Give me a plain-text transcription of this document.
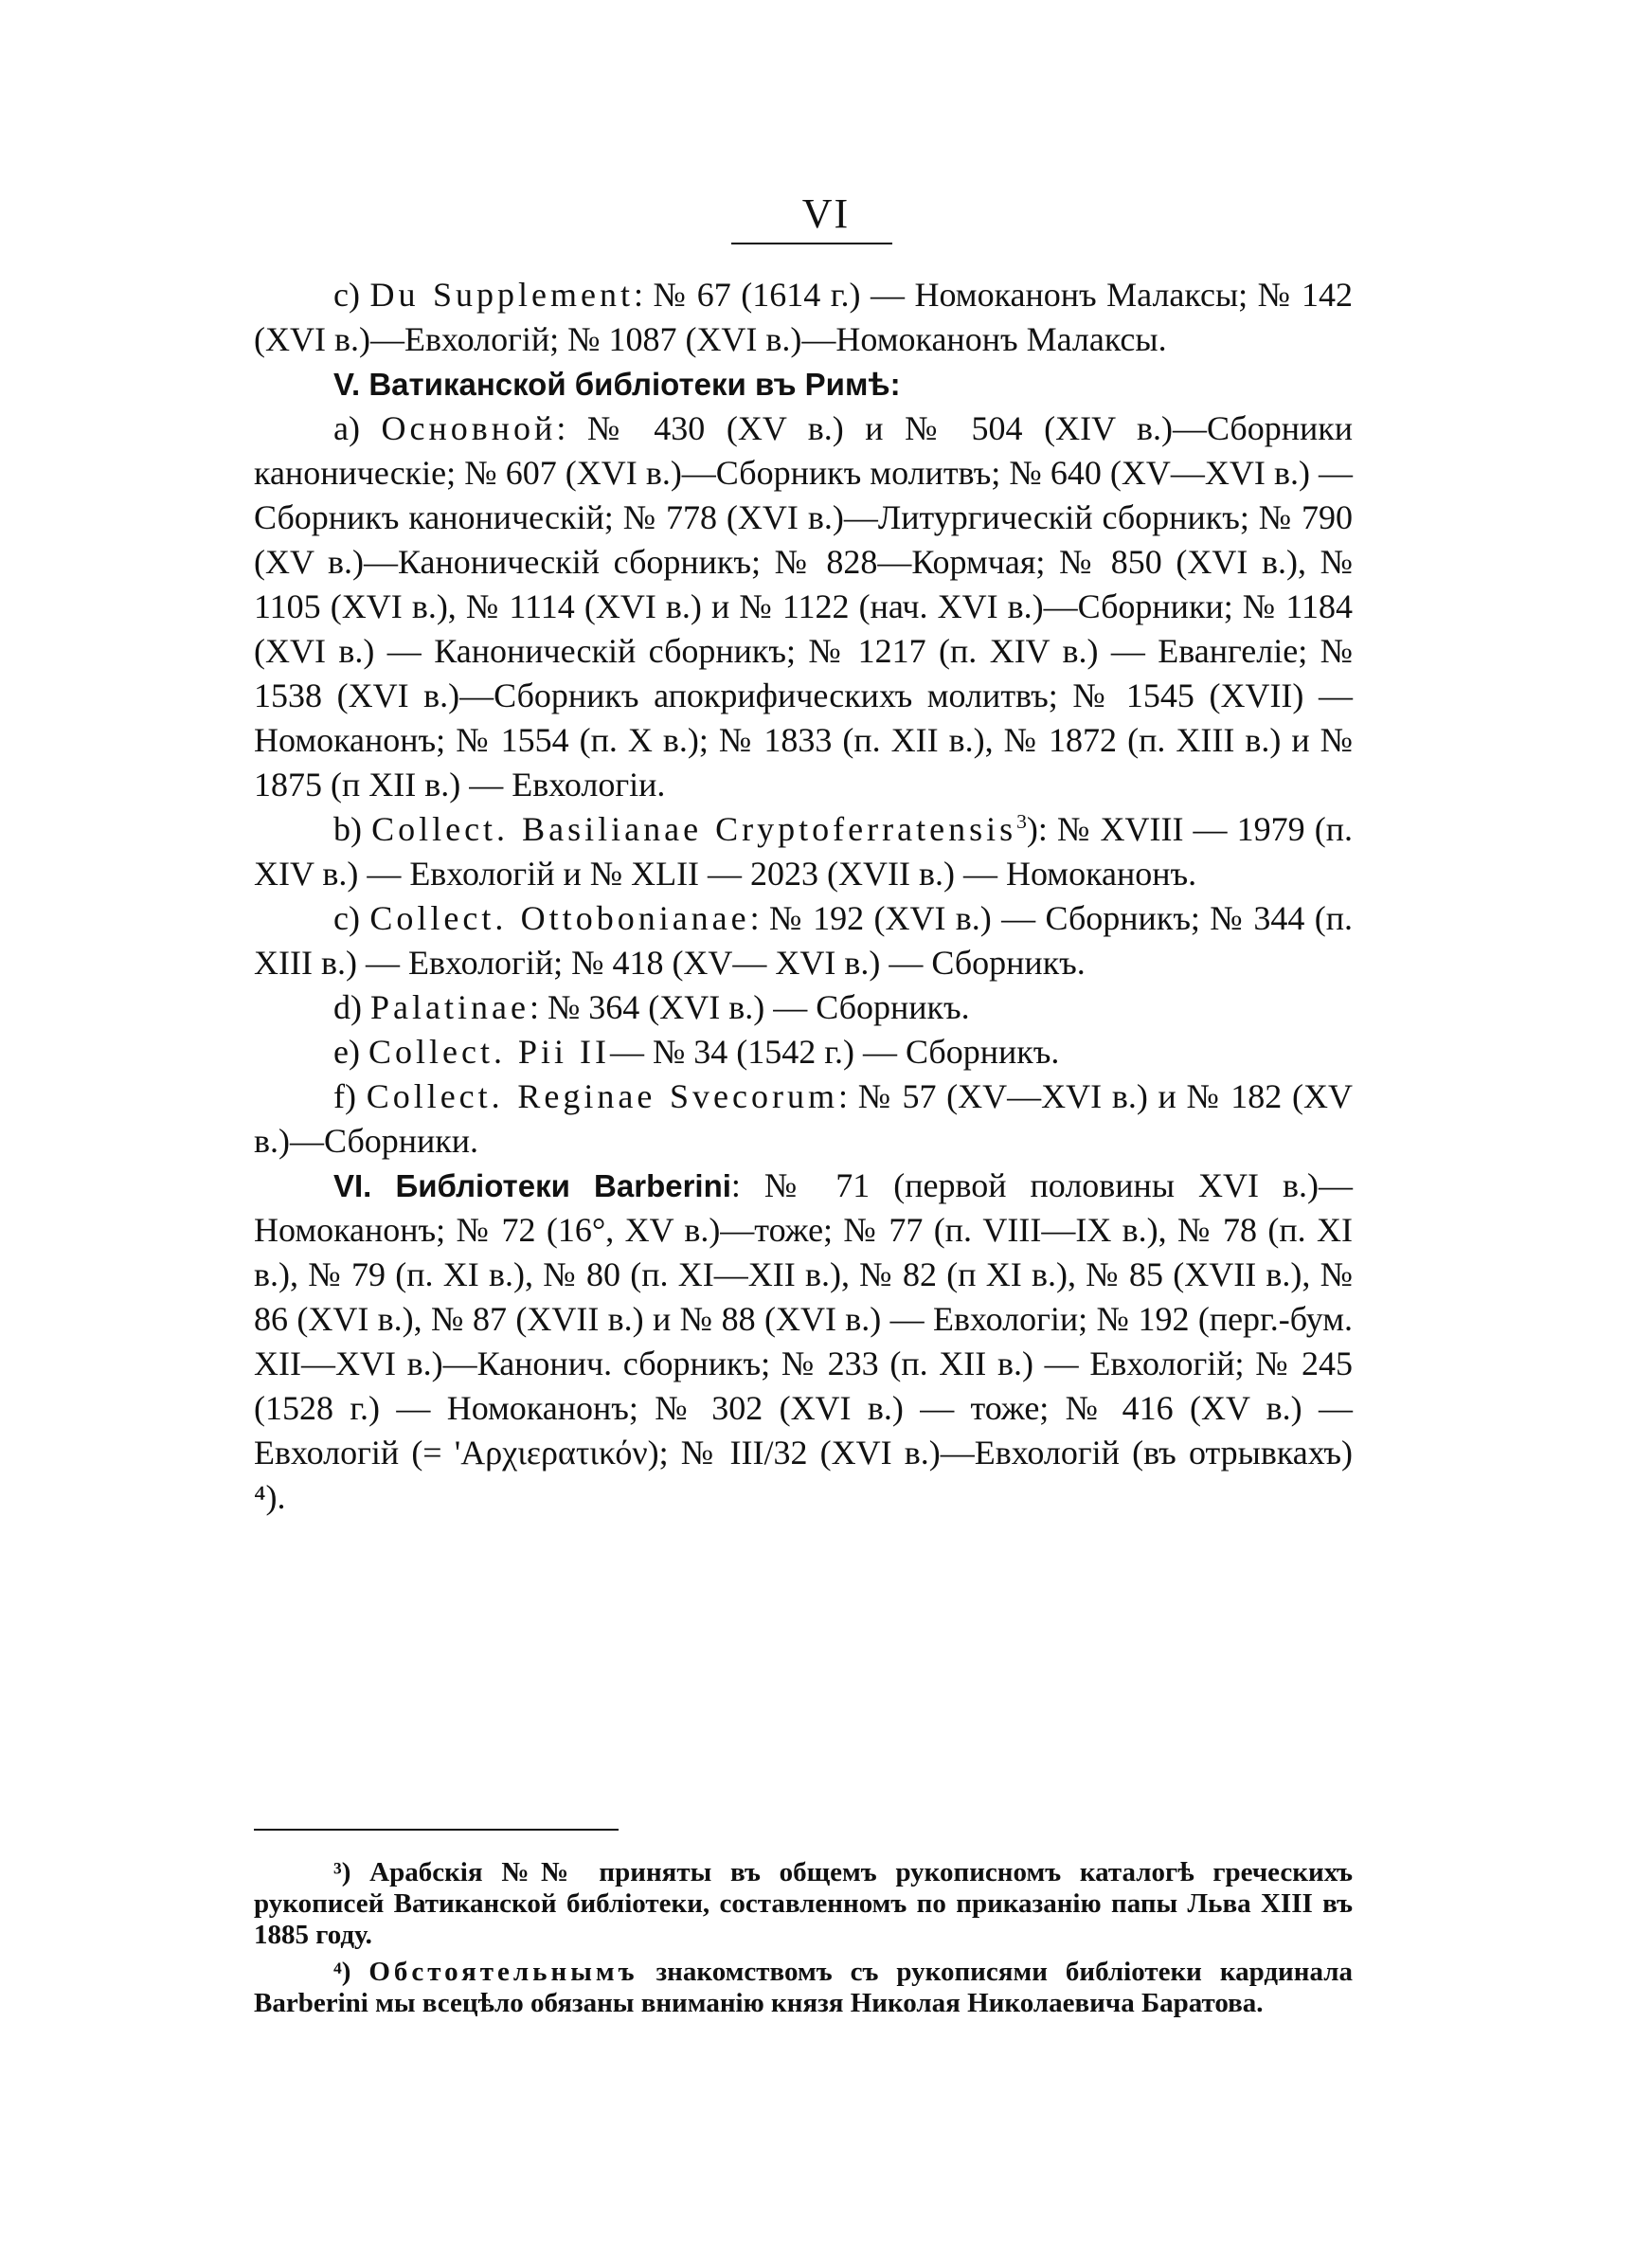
VI

c) Du Supplement: № 67 (1614 г.) — Номоканонъ Малаксы; № 142 (XVI в.)—Евхологій; № 1087 (XVI в.)—Номоканонъ Малаксы.

V. Ватиканской библіотеки въ Римѣ:

a) Основной: № 430 (XV в.) и № 504 (XIV в.)—Сборники каноническіе; № 607 (XVI в.)—Сборникъ молитвъ; № 640 (XV—XVI в.) — Сборникъ каноническій; № 778 (XVI в.)—Литургическій сборникъ; № 790 (XV в.)—Каноническій сборникъ; № 828—Кормчая; № 850 (XVI в.), № 1105 (XVI в.), № 1114 (XVI в.) и № 1122 (нач. XVI в.)—Сборники; № 1184 (XVI в.) — Каноническій сборникъ; № 1217 (п. XIV в.) — Евангеліе; № 1538 (XVI в.)—Сборникъ апокрифическихъ молитвъ; № 1545 (XVII) — Номоканонъ; № 1554 (п. X в.); № 1833 (п. XII в.), № 1872 (п. XIII в.) и № 1875 (п XII в.) — Евхологіи.

b) Collect. Basilianae Cryptoferratensis$^3$): № XVIII — 1979 (п. XIV в.) — Евхологій и № XLII — 2023 (XVII в.) — Номоканонъ.

c) Collect. Ottobonianae: № 192 (XVI в.) — Сборникъ; № 344 (п. XIII в.) — Евхологій; № 418 (XV— XVI в.) — Сборникъ.

d) Palatinae: № 364 (XVI в.) — Сборникъ.

e) Collect. Pii II— № 34 (1542 г.) — Сборникъ.

f) Collect. Reginae Svecorum: № 57 (XV—XVI в.) и № 182 (XV в.)—Сборники.

VI. Библіотеки Barberini: № 71 (первой половины XVI в.)—Номоканонъ; № 72 (16°, XV в.)—тоже; № 77 (п. VIII—IX в.), № 78 (п. XI в.), № 79 (п. XI в.), № 80 (п. XI—XII в.), № 82 (п XI в.), № 85 (XVII в.), № 86 (XVI в.), № 87 (XVII в.) и № 88 (XVI в.) — Евхологіи; № 192 (перг.-бум. XII—XVI в.)—Канонич. сборникъ; № 233 (п. XII в.) — Евхологій; № 245 (1528 г.) — Номоканонъ; № 302 (XVI в.) — тоже; № 416 (XV в.) — Евхологій (= 'Αρχιερατικόν); № III/32 (XVI в.)—Евхологій (въ отрывкахъ) ⁴).

³) Арабскія №№ приняты въ общемъ рукописномъ каталогѣ греческихъ рукописей Ватиканской библіотеки, составленномъ по приказанію папы Льва XIII въ 1885 году.

⁴) Обстоятельнымъ знакомствомъ съ рукописями библіотеки кардинала Barberini мы всецѣло обязаны вниманію князя Николая Николаевича Баратова.
